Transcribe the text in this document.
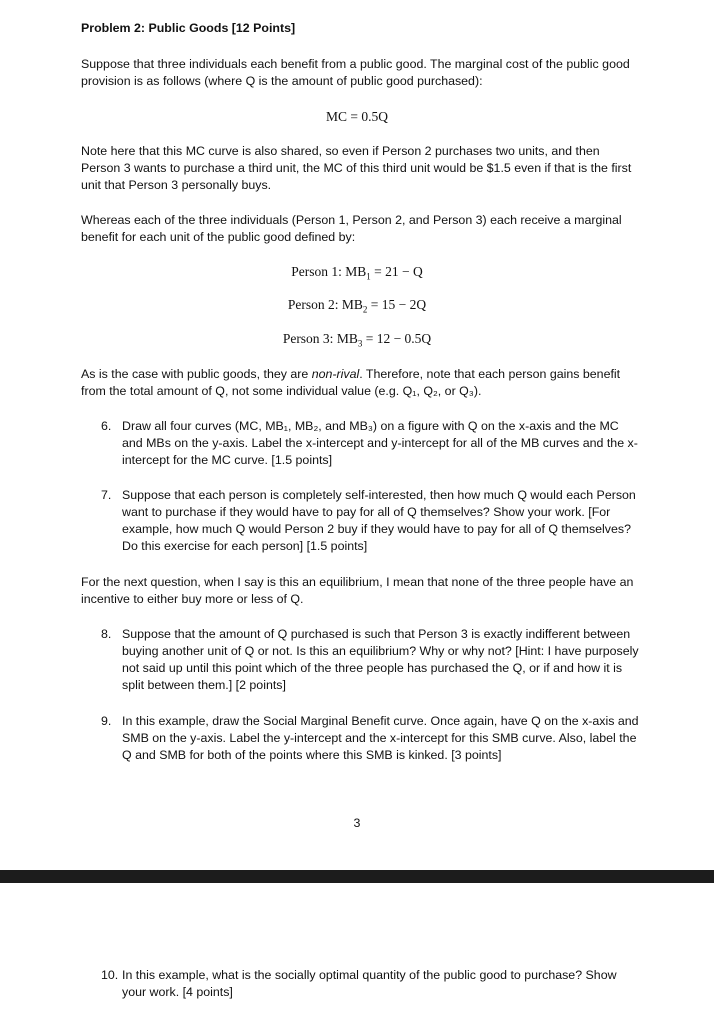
Problem 2: Public Goods [12 Points]

Suppose that three individuals each benefit from a public good. The marginal cost of the public good provision is as follows (where Q is the amount of public good purchased):

MC = 0.5Q

Note here that this MC curve is also shared, so even if Person 2 purchases two units, and then Person 3 wants to purchase a third unit, the MC of this third unit would be $1.5 even if that is the first unit that Person 3 personally buys.

Whereas each of the three individuals (Person 1, Person 2, and Person 3) each receive a marginal benefit for each unit of the public good defined by:

Person 1: $MB_1 = 21 - Q$
Person 2: $MB_2 = 15 - 2Q$
Person 3: $MB_3 = 12 - 0.5Q$

As is the case with public goods, they are non-rival. Therefore, note that each person gains benefit from the total amount of Q, not some individual value (e.g. Q₁, Q₂, or Q₃).

6. Draw all four curves (MC, MB₁, MB₂, and MB₃) on a figure with Q on the x-axis and the MC and MBs on the y-axis. Label the x-intercept and y-intercept for all of the MB curves and the x-intercept for the MC curve. [1.5 points]
7. Suppose that each person is completely self-interested, then how much Q would each Person want to purchase if they would have to pay for all of Q themselves? Show your work. [For example, how much Q would Person 2 buy if they would have to pay for all of Q themselves? Do this exercise for each person] [1.5 points]

For the next question, when I say is this an equilibrium, I mean that none of the three people have an incentive to either buy more or less of Q.

8. Suppose that the amount of Q purchased is such that Person 3 is exactly indifferent between buying another unit of Q or not. Is this an equilibrium? Why or why not? [Hint: I have purposely not said up until this point which of the three people has purchased the Q, or if and how it is split between them.] [2 points]
9. In this example, draw the Social Marginal Benefit curve. Once again, have Q on the x-axis and SMB on the y-axis. Label the y-intercept and the x-intercept for this SMB curve. Also, label the Q and SMB for both of the points where this SMB is kinked. [3 points]
3
10. In this example, what is the socially optimal quantity of the public good to purchase? Show your work. [4 points]
